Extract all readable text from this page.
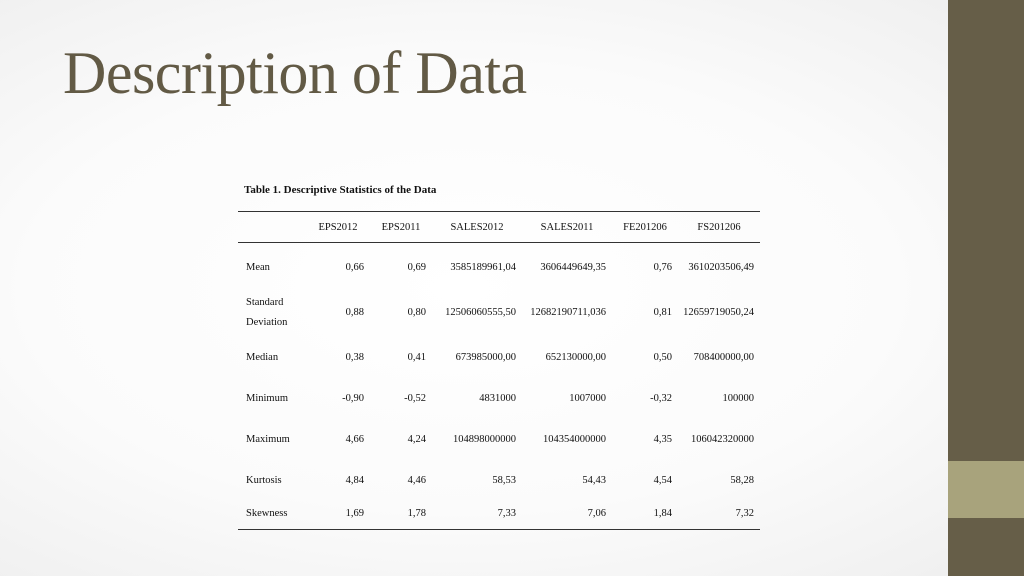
Description of Data
Table 1. Descriptive Statistics of the Data
	EPS2012	EPS2011	SALES2012	SALES2011	FE201206	FS201206
Mean	0,66	0,69	3585189961,04	3606449649,35	0,76	3610203506,49
Standard Deviation	0,88	0,80	12506060555,50	12682190711,036	0,81	12659719050,24
Median	0,38	0,41	673985000,00	652130000,00	0,50	708400000,00
Minimum	-0,90	-0,52	4831000	1007000	-0,32	100000
Maximum	4,66	4,24	104898000000	104354000000	4,35	106042320000
Kurtosis	4,84	4,46	58,53	54,43	4,54	58,28
Skewness	1,69	1,78	7,33	7,06	1,84	7,32
